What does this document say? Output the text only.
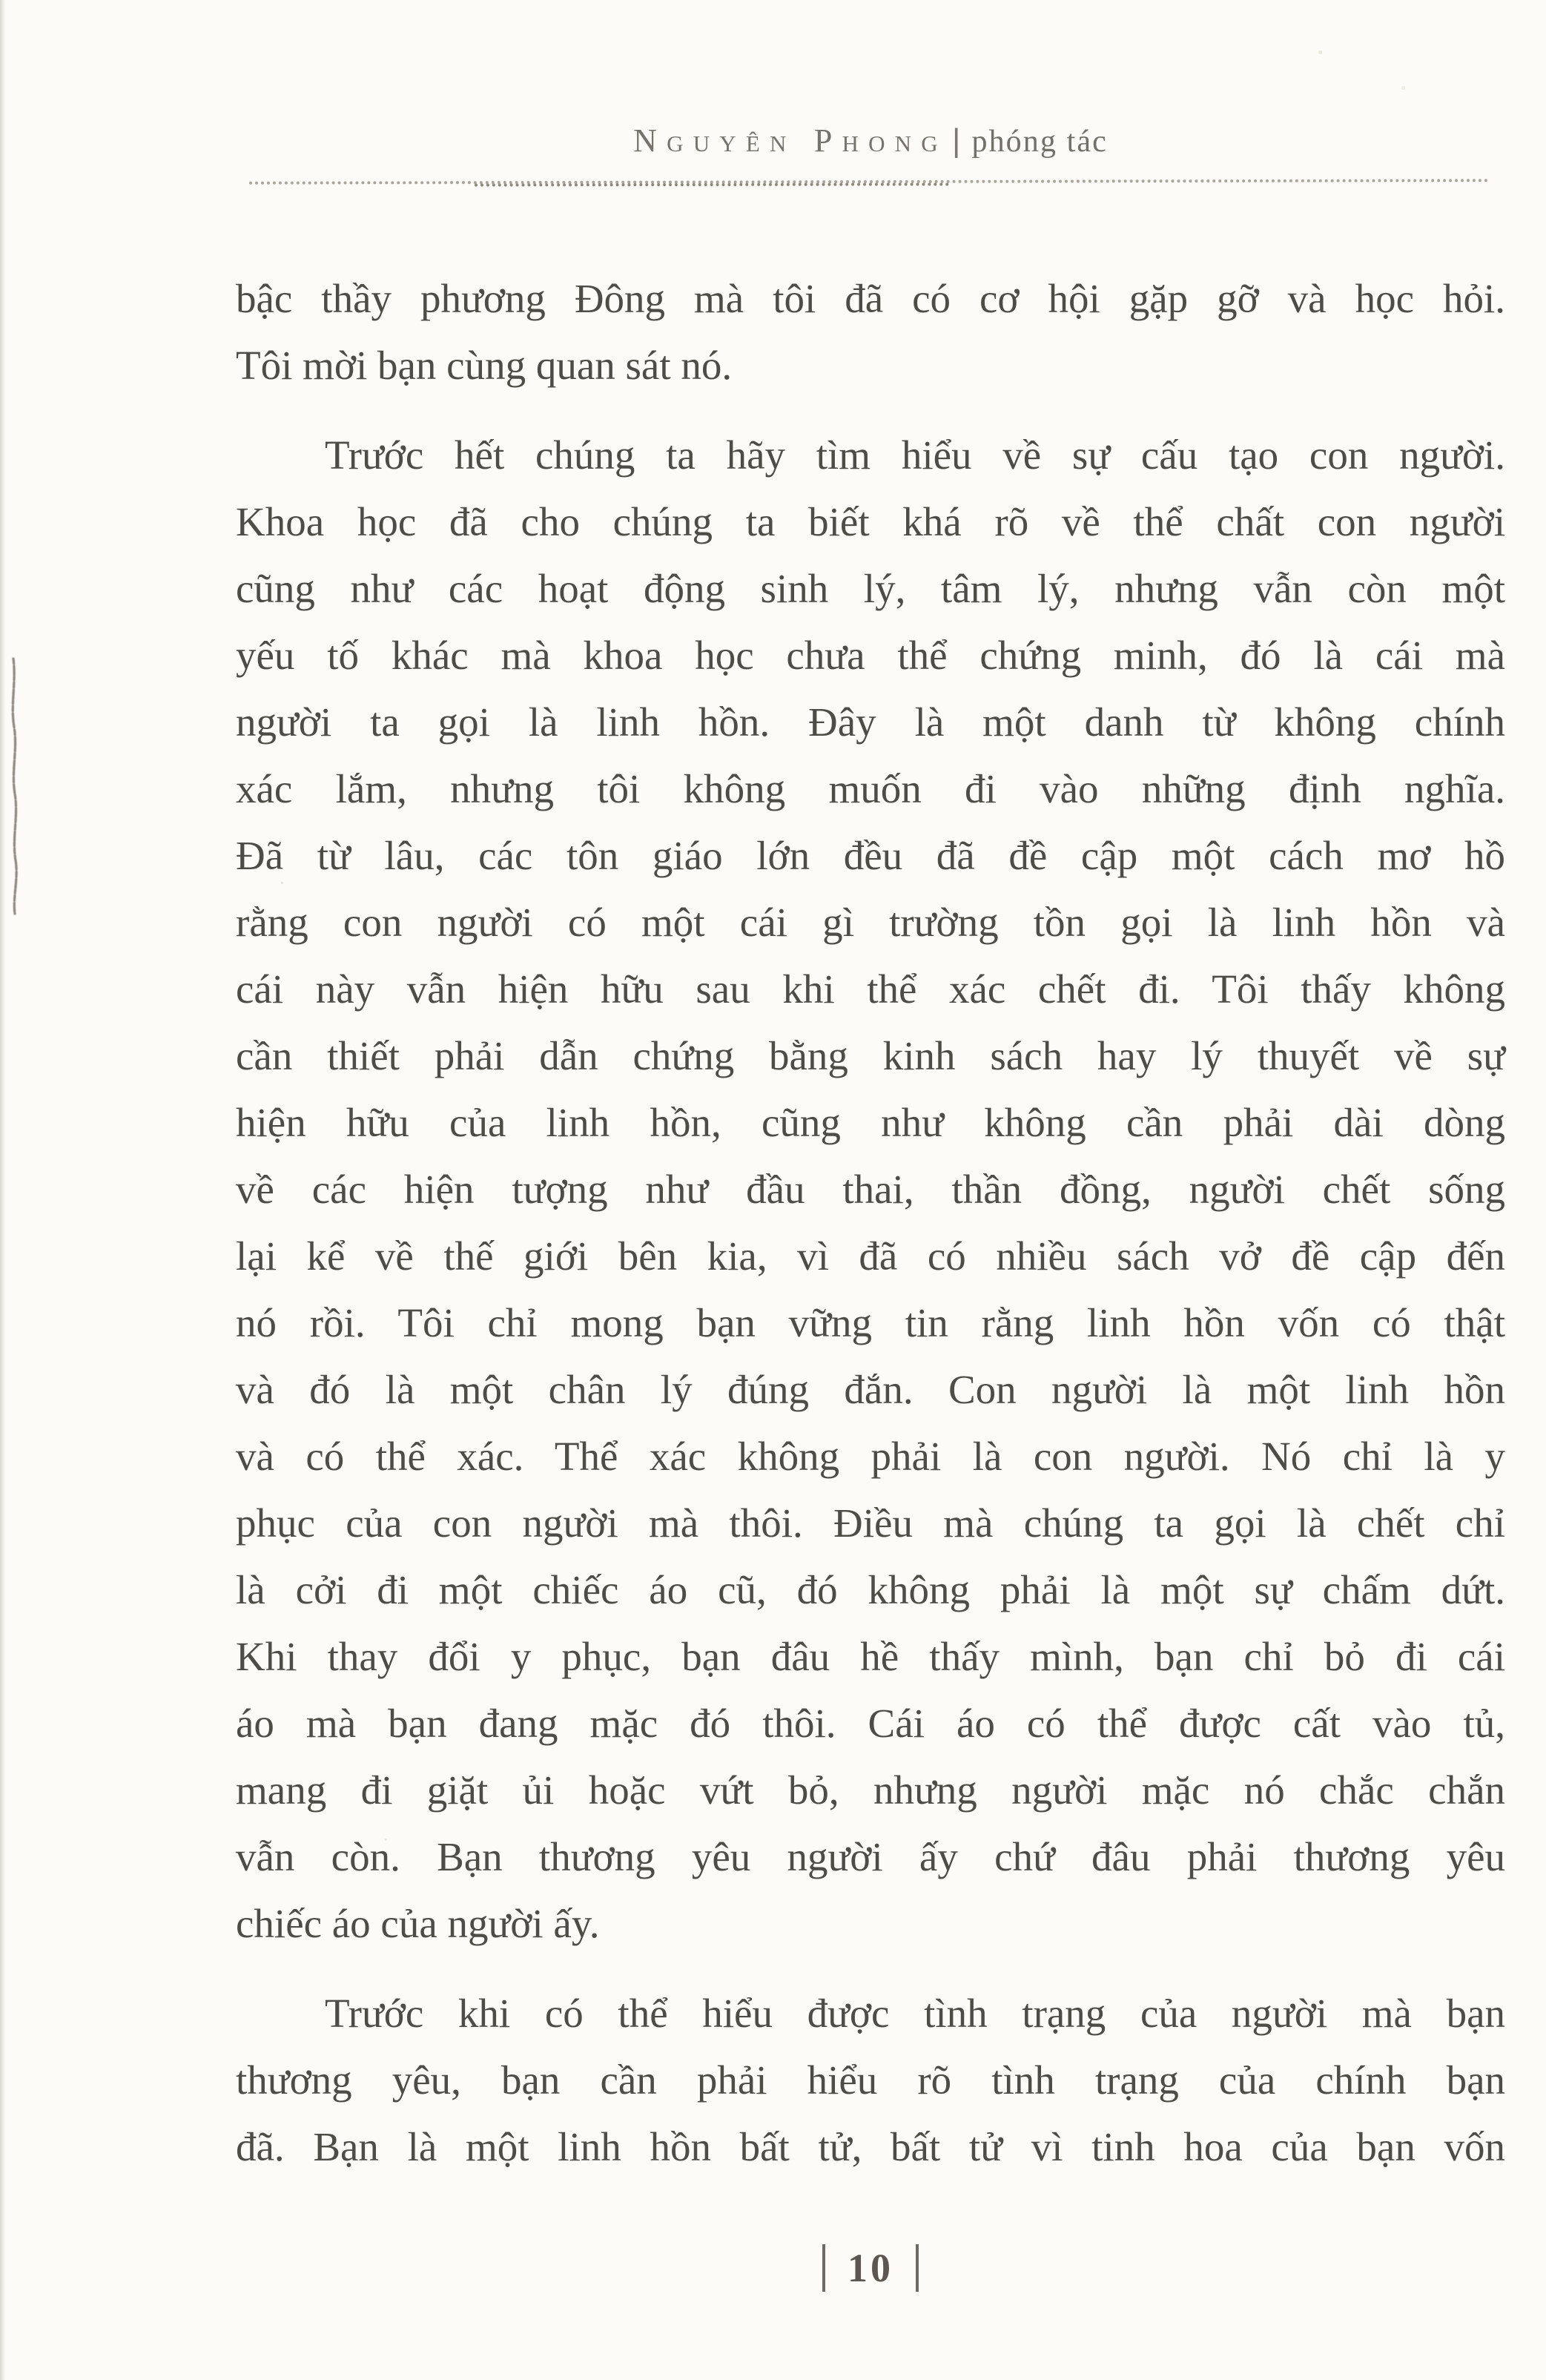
Nguyên Phong | phóng tác
bậc thầy phương Đông mà tôi đã có cơ hội gặp gỡ và học hỏi.
Tôi mời bạn cùng quan sát nó.
Trước hết chúng ta hãy tìm hiểu về sự cấu tạo con người.
Khoa học đã cho chúng ta biết khá rõ về thể chất con người
cũng như các hoạt động sinh lý, tâm lý, nhưng vẫn còn một
yếu tố khác mà khoa học chưa thể chứng minh, đó là cái mà
người ta gọi là linh hồn. Đây là một danh từ không chính
xác lắm, nhưng tôi không muốn đi vào những định nghĩa.
Đã từ lâu, các tôn giáo lớn đều đã đề cập một cách mơ hồ
rằng con người có một cái gì trường tồn gọi là linh hồn và
cái này vẫn hiện hữu sau khi thể xác chết đi. Tôi thấy không
cần thiết phải dẫn chứng bằng kinh sách hay lý thuyết về sự
hiện hữu của linh hồn, cũng như không cần phải dài dòng
về các hiện tượng như đầu thai, thần đồng, người chết sống
lại kể về thế giới bên kia, vì đã có nhiều sách vở đề cập đến
nó rồi. Tôi chỉ mong bạn vững tin rằng linh hồn vốn có thật
và đó là một chân lý đúng đắn. Con người là một linh hồn
và có thể xác. Thể xác không phải là con người. Nó chỉ là y
phục của con người mà thôi. Điều mà chúng ta gọi là chết chỉ
là cởi đi một chiếc áo cũ, đó không phải là một sự chấm dứt.
Khi thay đổi y phục, bạn đâu hề thấy mình, bạn chỉ bỏ đi cái
áo mà bạn đang mặc đó thôi. Cái áo có thể được cất vào tủ,
mang đi giặt ủi hoặc vứt bỏ, nhưng người mặc nó chắc chắn
vẫn còn. Bạn thương yêu người ấy chứ đâu phải thương yêu
chiếc áo của người ấy.
Trước khi có thể hiểu được tình trạng của người mà bạn
thương yêu, bạn cần phải hiểu rõ tình trạng của chính bạn
đã. Bạn là một linh hồn bất tử, bất tử vì tinh hoa của bạn vốn
10
